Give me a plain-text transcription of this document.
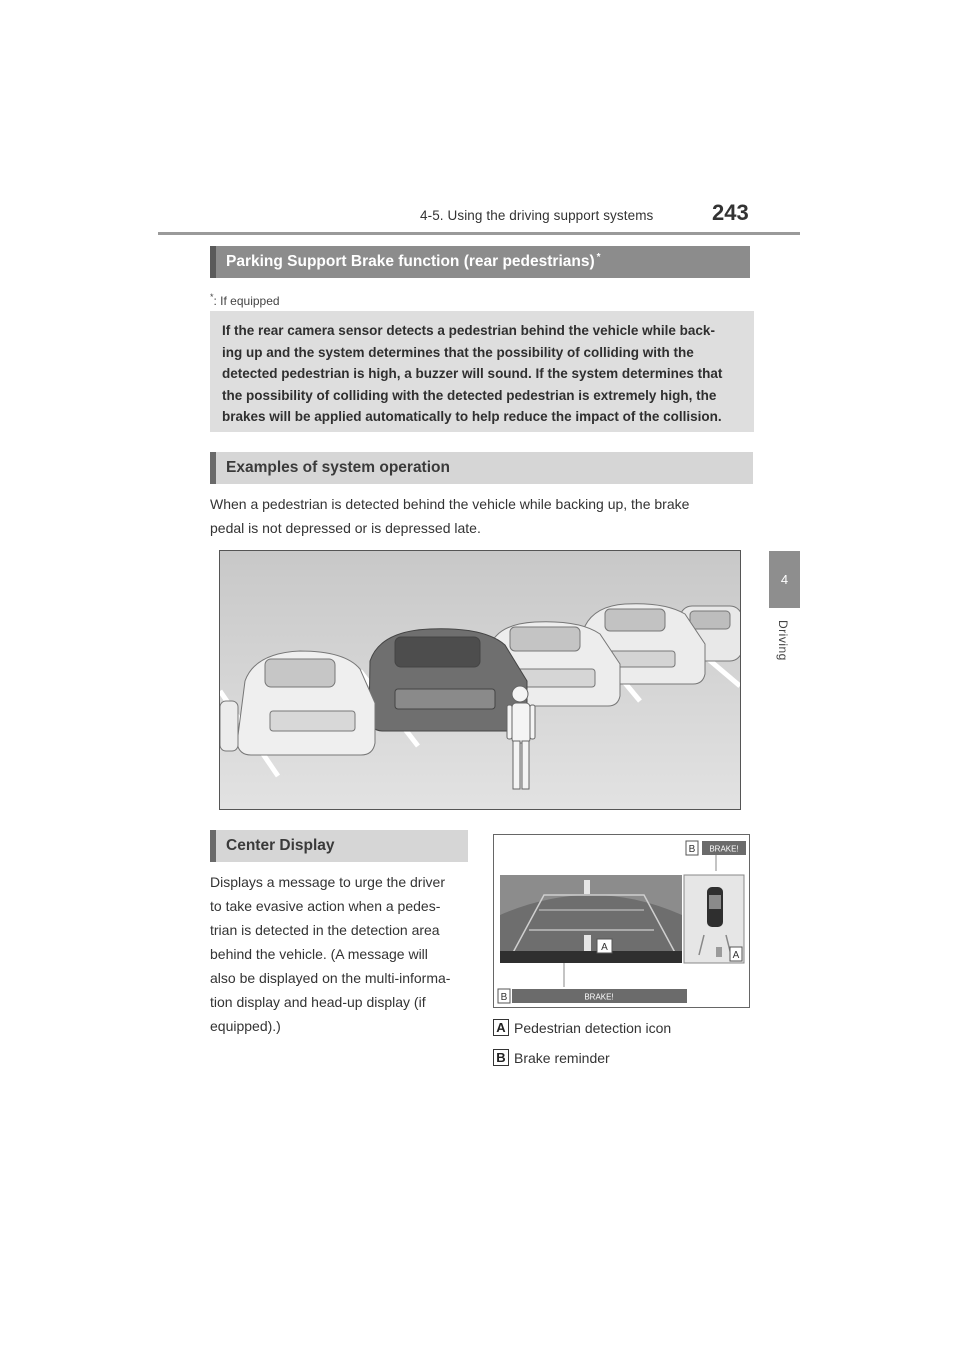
4-5. Using the driving support systems	243
4
Driving
Parking Support Brake function (rear pedestrians) *
*: If equipped

If the rear camera sensor detects a pedestrian behind the vehicle while back-

ing up and the system determines that the possibility of colliding with the

detected pedestrian is high, a buzzer will sound. If the system determines that

the possibility of colliding with the detected pedestrian is extremely high, the

brakes will be applied automatically to help reduce the impact of the collision.

Examples of system operation

When a pedestrian is detected behind the vehicle while backing up, the brake

pedal is not depressed or is depressed late.

Center Display

Displays a message to urge the driver

to take evasive action when a pedes-

trian is detected in the detection area

behind the vehicle. (A message will

also be displayed on the multi-informa-

tion display and head-up display (if

equipped).)

B BRAKE!
A
A
B	BRAKE!
A Pedestrian detection icon
B Brake reminder
